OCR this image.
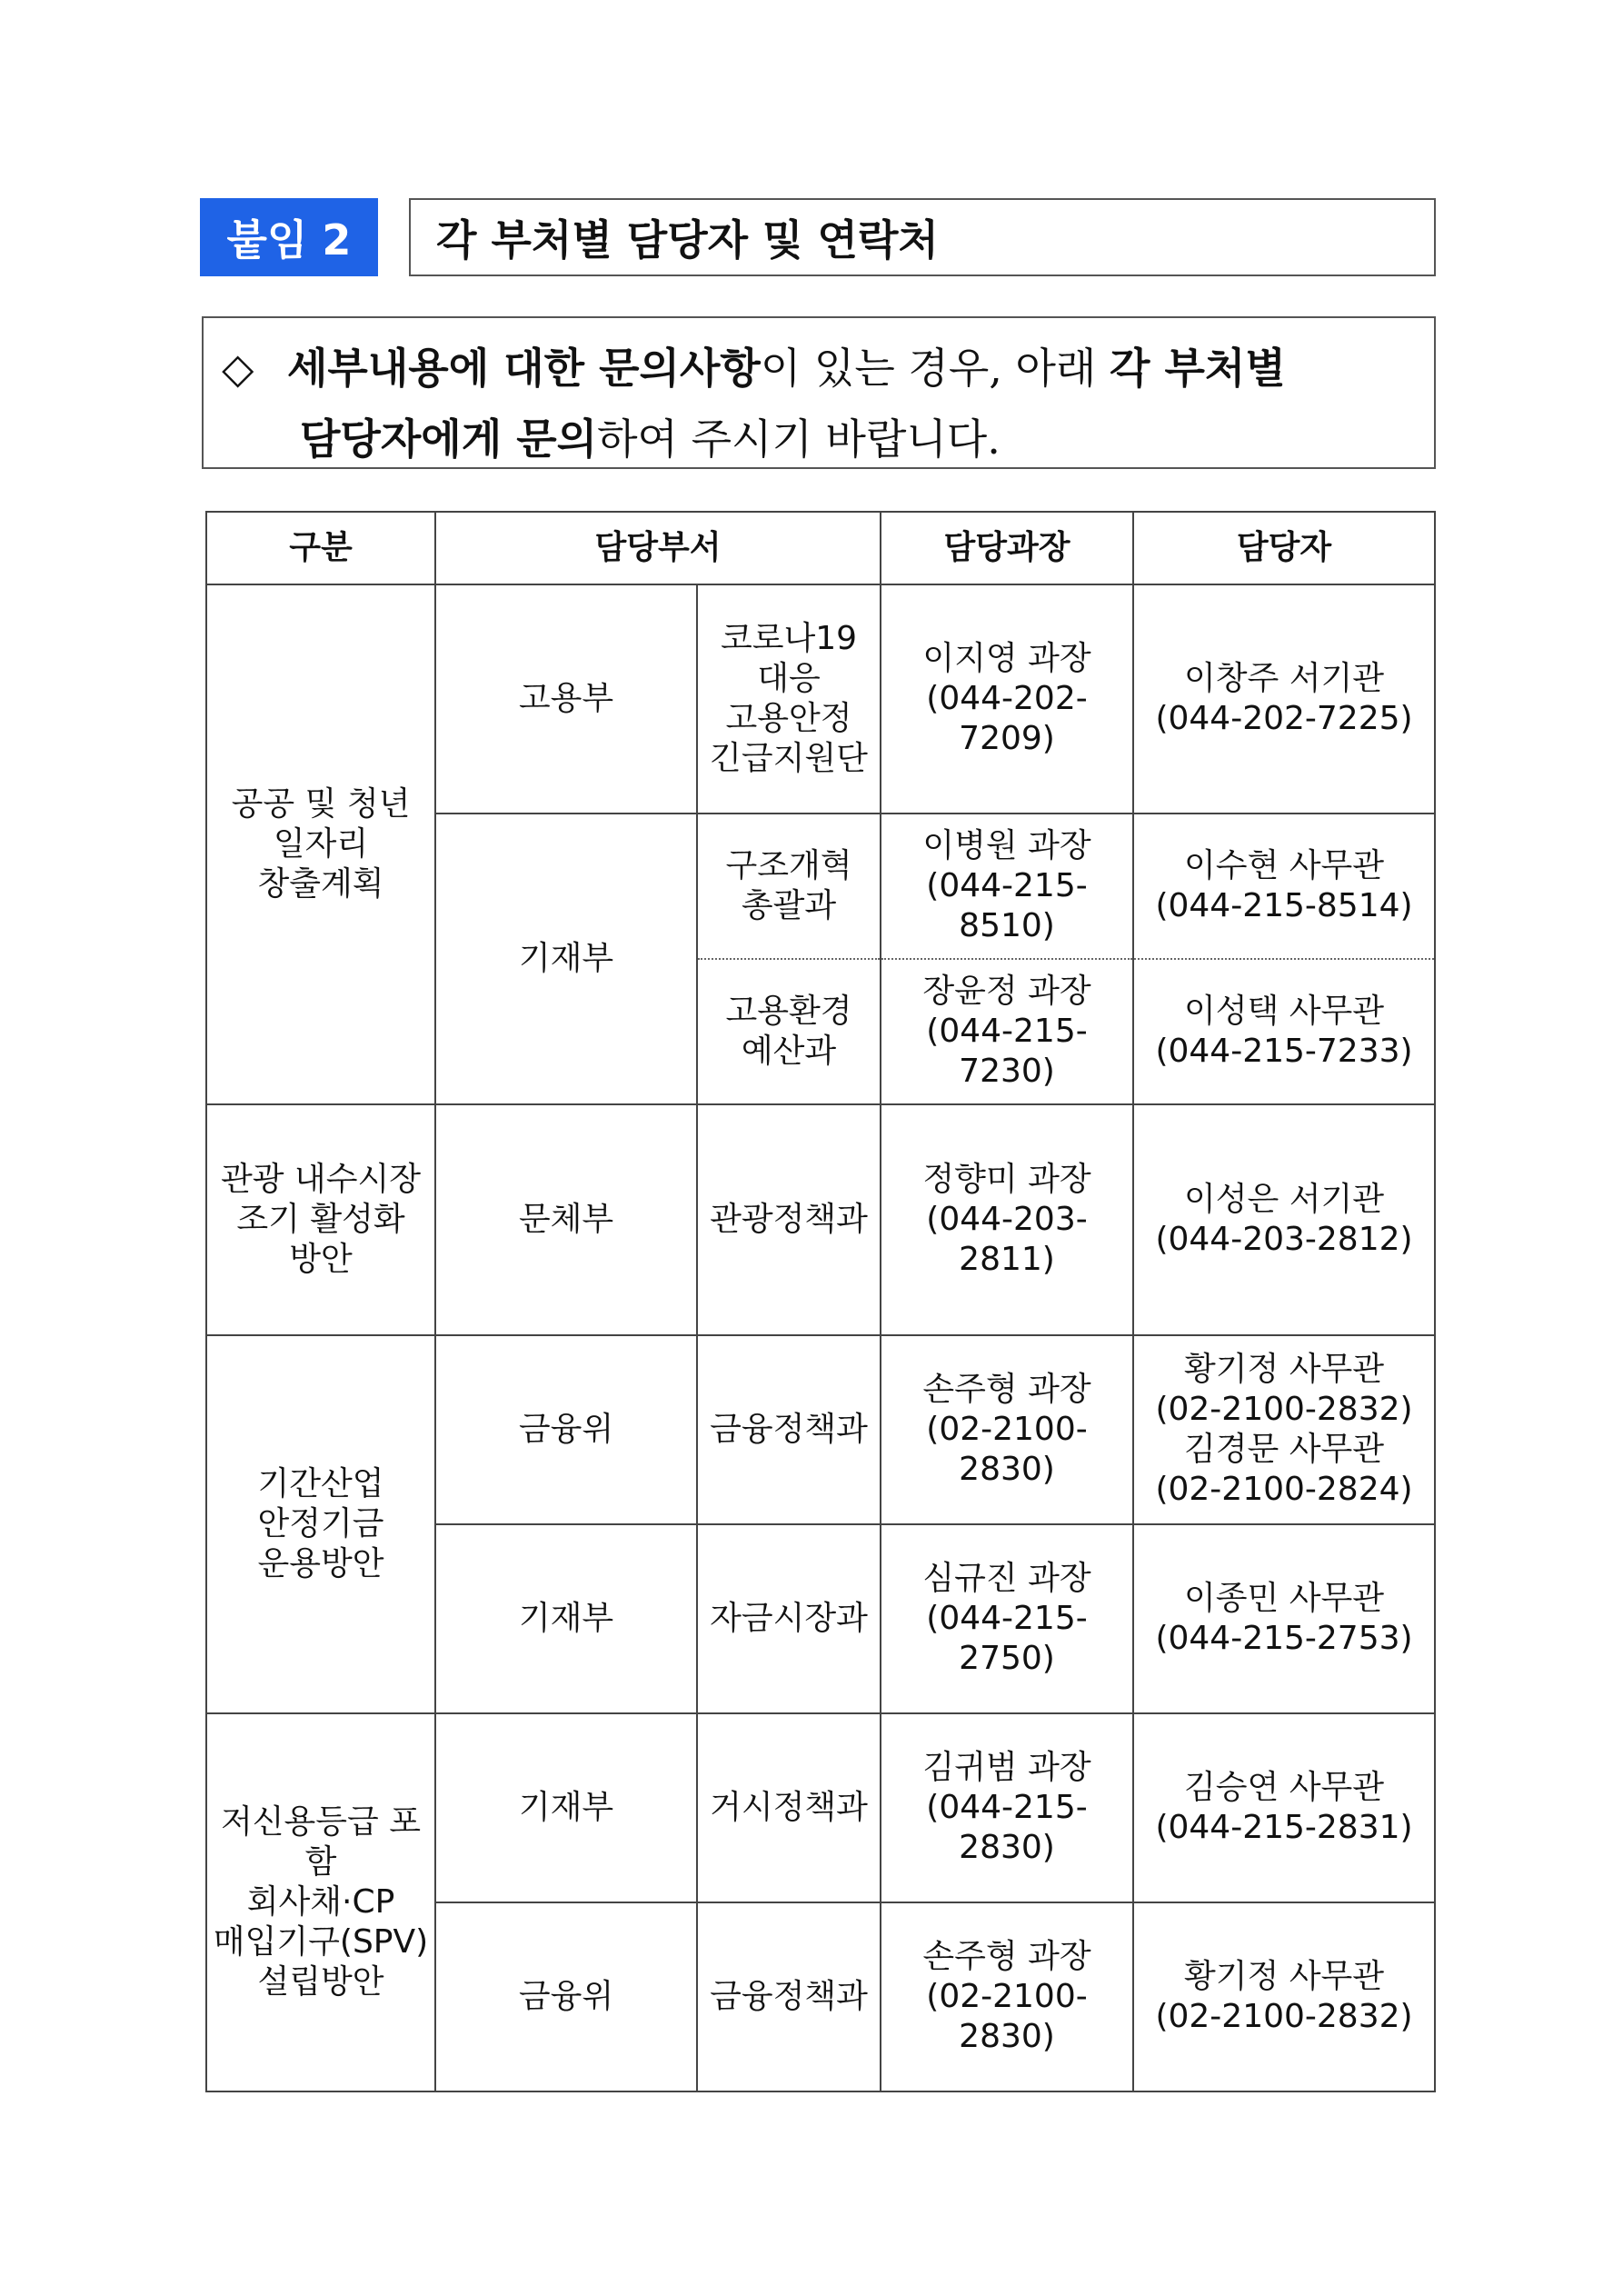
붙임 2	각 부처별 담당자 및 연락처
◇ 세부내용에 대한 문의사항이 있는 경우, 아래 각 부처별
담당자에게 문의하여 주시기 바랍니다.
구분	담당부서		담당과장	담당자

공공 및 청년
일자리
창출계획	고용부	코로나19
대응
고용안정
긴급지원단	이지영 과장
(044-202-7209)	이창주 서기관
(044-202-7225)

	기재부	구조개혁
총괄과	이병원 과장
(044-215-8510)	이수현 사무관
(044-215-8514)

		고용환경
예산과	장윤정 과장
(044-215-7230)	이성택 사무관
(044-215-7233)

관광 내수시장
조기 활성화
방안	문체부	관광정책과	정향미 과장
(044-203-2811)	이성은 서기관
(044-203-2812)

기간산업
안정기금
운용방안	금융위	금융정책과	손주형 과장
(02-2100-2830)	황기정 사무관
(02-2100-2832)
김경문 사무관
(02-2100-2824)

	기재부	자금시장과	심규진 과장
(044-215-2750)	이종민 사무관
(044-215-2753)

저신용등급 포함
회사채·CP
매입기구(SPV)
설립방안	기재부	거시정책과	김귀범 과장
(044-215-2830)	김승연 사무관
(044-215-2831)

	금융위	금융정책과	손주형 과장
(02-2100-2830)	황기정 사무관
(02-2100-2832)
